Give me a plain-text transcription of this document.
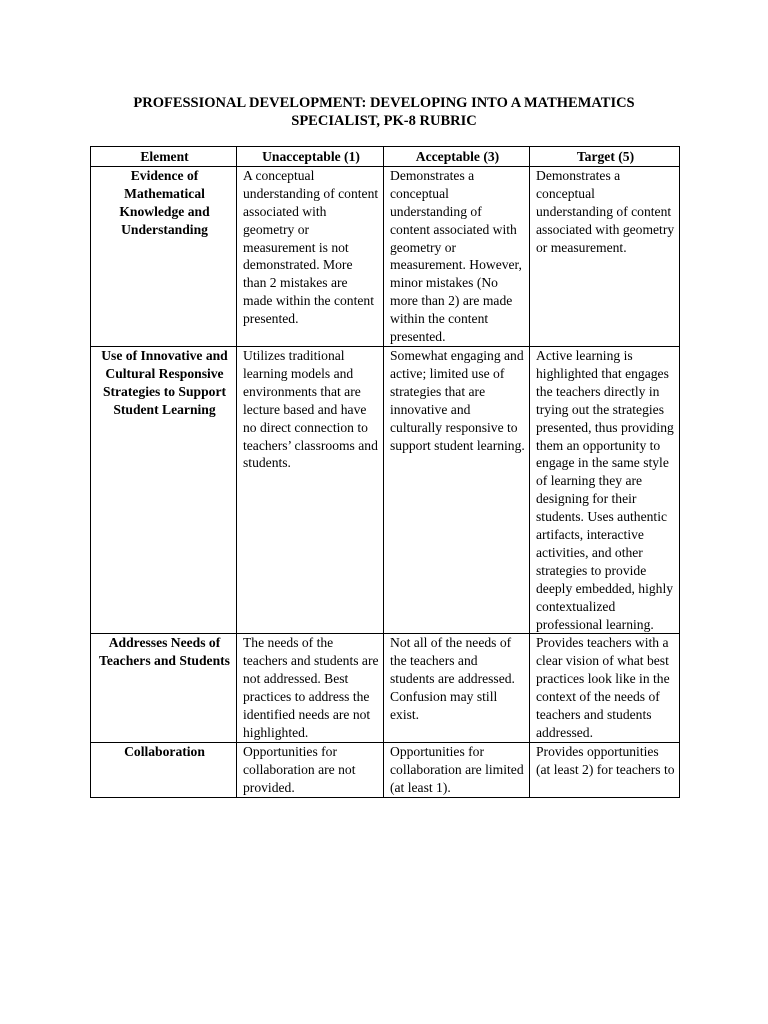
PROFESSIONAL DEVELOPMENT: DEVELOPING INTO A MATHEMATICS
SPECIALIST, PK-8 RUBRIC
Element	Unacceptable (1)	Acceptable (3)	Target (5)
Evidence of Mathematical Knowledge and Understanding	A conceptual understanding of content associated with geometry or measurement is not demonstrated. More than 2 mistakes are made within the content presented.	Demonstrates a conceptual understanding of content associated with geometry or measurement. However, minor mistakes (No more than 2) are made within the content presented.	Demonstrates a conceptual understanding of content associated with geometry or measurement.
Use of Innovative and Cultural Responsive Strategies to Support Student Learning	Utilizes traditional learning models and environments that are lecture based and have no direct connection to teachers’ classrooms and students.	Somewhat engaging and active; limited use of strategies that are innovative and culturally responsive to support student learning.	Active learning is highlighted that engages the teachers directly in trying out the strategies presented, thus providing them an opportunity to engage in the same style of learning they are designing for their students. Uses authentic artifacts, interactive activities, and other strategies to provide deeply embedded, highly contextualized professional learning.
Addresses Needs of Teachers and Students	The needs of the teachers and students are not addressed. Best practices to address the identified needs are not highlighted.	Not all of the needs of the teachers and students are addressed. Confusion may still exist.	Provides teachers with a clear vision of what best practices look like in the context of the needs of teachers and students addressed.
Collaboration	Opportunities for collaboration are not provided.	Opportunities for collaboration are limited (at least 1).	Provides opportunities (at least 2) for teachers to
